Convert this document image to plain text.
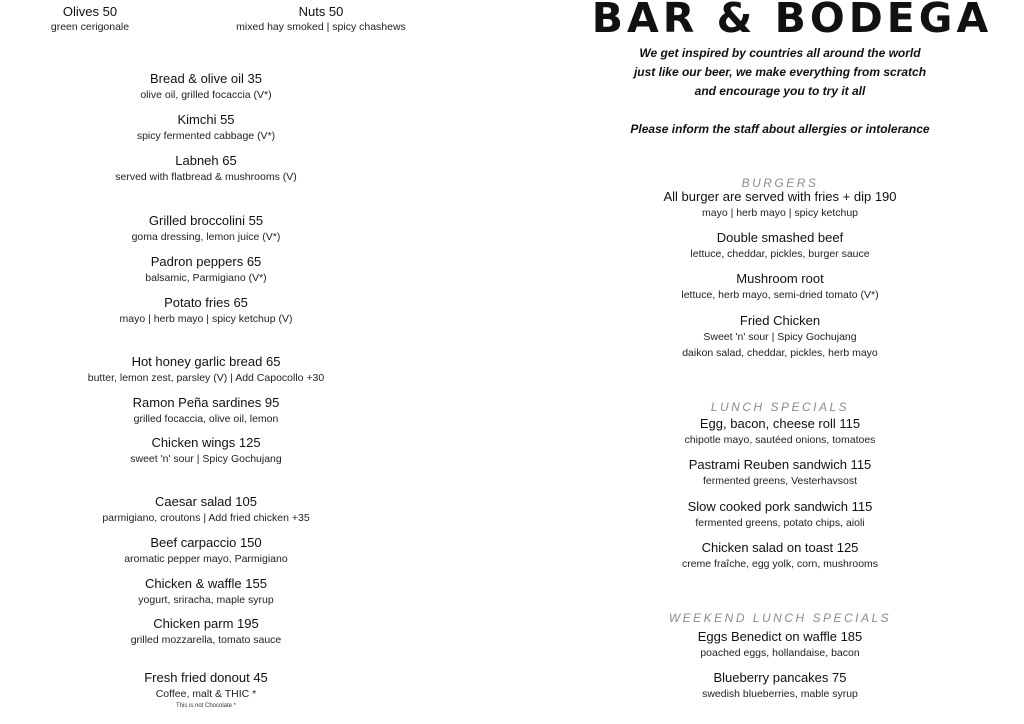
Olives 50
green cerigonale
Nuts 50
mixed hay smoked | spicy chashews
Bread & olive oil 35
olive oil, grilled focaccia (V*)
Kimchi 55
spicy fermented cabbage (V*)
Labneh 65
served with flatbread & mushrooms (V)
Grilled broccolini 55
goma dressing, lemon juice (V*)
Padron peppers 65
balsamic, Parmigiano (V*)
Potato fries 65
mayo | herb mayo | spicy ketchup (V)
Hot honey garlic bread 65
butter, lemon zest, parsley (V) | Add Capocollo +30
Ramon Peña sardines 95
grilled focaccia, olive oil, lemon
Chicken wings 125
sweet 'n' sour | Spicy Gochujang
Caesar salad 105
parmigiano, croutons | Add fried chicken +35
Beef carpaccio 150
aromatic pepper mayo, Parmigiano
Chicken & waffle 155
yogurt, sriracha, maple syrup
Chicken parm 195
grilled mozzarella, tomato sauce
Fresh fried donout 45
Coffee, malt & THIC *
This is not Chocolate *
BAR & BODEGA
We get inspired by countries all around the world
just like our beer, we make everything from scratch
and encourage you to try it all
Please inform the staff about allergies or intolerance
BURGERS
All burger are served with fries + dip 190
mayo | herb mayo | spicy ketchup
Double smashed beef
lettuce, cheddar, pickles, burger sauce
Mushroom root
lettuce, herb mayo, semi-dried tomato (V*)
Fried Chicken
Sweet 'n' sour | Spicy Gochujang
daikon salad, cheddar, pickles, herb mayo
LUNCH SPECIALS
Egg, bacon, cheese roll 115
chipotle mayo, sautéed onions, tomatoes
Pastrami Reuben sandwich 115
fermented greens, Vesterhavsost
Slow cooked pork sandwich 115
fermented greens, potato chips, aioli
Chicken salad on toast 125
creme fraîche, egg yolk, corn, mushrooms
WEEKEND LUNCH SPECIALS
Eggs Benedict on waffle 185
poached eggs, hollandaise, bacon
Blueberry pancakes 75
swedish blueberries, mable syrup
